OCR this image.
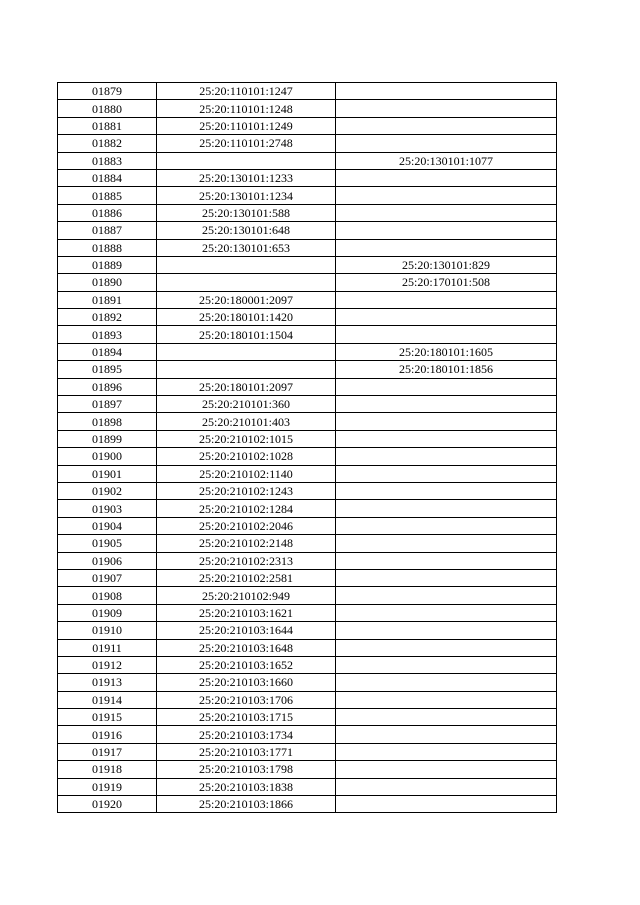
01879	25:20:110101:1247	
01880	25:20:110101:1248	
01881	25:20:110101:1249	
01882	25:20:110101:2748	
01883		25:20:130101:1077
01884	25:20:130101:1233	
01885	25:20:130101:1234	
01886	25:20:130101:588	
01887	25:20:130101:648	
01888	25:20:130101:653	
01889		25:20:130101:829
01890		25:20:170101:508
01891	25:20:180001:2097	
01892	25:20:180101:1420	
01893	25:20:180101:1504	
01894		25:20:180101:1605
01895		25:20:180101:1856
01896	25:20:180101:2097	
01897	25:20:210101:360	
01898	25:20:210101:403	
01899	25:20:210102:1015	
01900	25:20:210102:1028	
01901	25:20:210102:1140	
01902	25:20:210102:1243	
01903	25:20:210102:1284	
01904	25:20:210102:2046	
01905	25:20:210102:2148	
01906	25:20:210102:2313	
01907	25:20:210102:2581	
01908	25:20:210102:949	
01909	25:20:210103:1621	
01910	25:20:210103:1644	
01911	25:20:210103:1648	
01912	25:20:210103:1652	
01913	25:20:210103:1660	
01914	25:20:210103:1706	
01915	25:20:210103:1715	
01916	25:20:210103:1734	
01917	25:20:210103:1771	
01918	25:20:210103:1798	
01919	25:20:210103:1838	
01920	25:20:210103:1866	
